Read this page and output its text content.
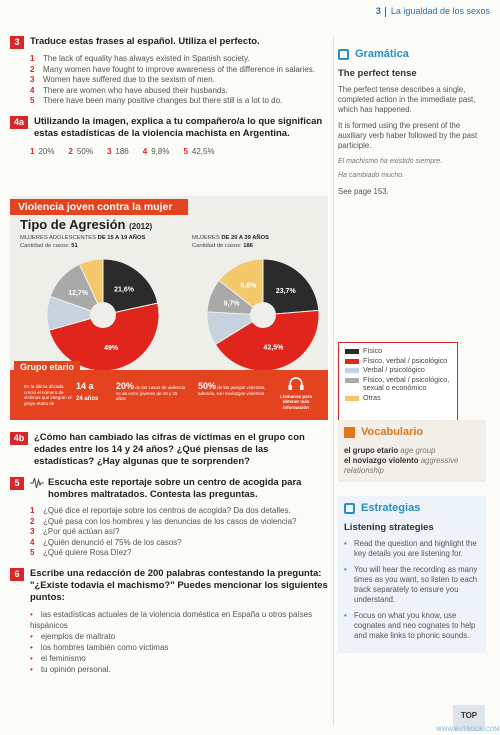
3 La igualdad de los sexos
3	Traduce estas frases al español. Utiliza el perfecto.
1	The lack of equality has always existed in Spanish society.
2	Many women have fought to improve awareness of the difference in salaries.
3	Women have suffered due to the sexism of men.
4	There are women who have abused their husbands.
5	There have been many positive changes but there still is a lot to do.
4a	Utilizando la imagen, explica a tu compañero/a lo que significan estas estadísticas de la violencia machista en Argentina.
1 20% 2 50% 3 186 4 9,8% 5 42,5%
Violencia joven contra la mujer
Tipo de Agresión (2012)
MUJERES ADOLESCENTES DE 15 A 19 AÑOS
Cantidad de casos: 51
MUJERES DE 20 A 39 AÑOS
Cantidad de casos: 186
21,6%
49%
12,7%	23,7%
42,5%
9,7%
9,8%
Grupo etario
En la última década creció el número de víctimas que integran el grupo etario de
14 a

24 años
20% de los casos de violencia se da entre jóvenes de 19 y 25 años
50% de las parejas violentas, además, son noviazgos violentos

Llamanos para obtener más información
Físico
Físico, verbal / psicológico
Verbal / psicológico
Físico, verbal / psicológico, sexual o económico
Otras
4b	¿Cómo han cambiado las cifras de víctimas en el grupo con edades entre los 14 y 24 años? ¿Qué piensas de las estadísticas? ¿Hay algunas que te sorprenden?
5	Escucha este reportaje sobre un centro de acogida para hombres maltratados. Contesta las preguntas.
1	¿Qué dice el reportaje sobre los centros de acogida? Da dos detalles.
2	¿Qué pasa con los hombres y las denuncias de los casos de violencia?
3	¿Por qué actúan así?
4	¿Quién denunció el 75% de los casos?
5	¿Qué quiere Rosa Díez?
6	Escribe una redacción de 200 palabras contestando la pregunta: "¿Existe todavía el machismo?" Puedes mencionar los siguientes puntos:
• las estadísticas actuales de la violencia doméstica en España u otros países hispánicos
• ejemplos de maltrato
• los hombres también como víctimas
• el feminismo
• tu opinión personal.
Gramática
The perfect tense

The perfect tense describes a single, completed action in the immediate past, which has happened.

It is formed using the present of the auxiliary verb haber followed by the past participle.

El machismo ha existido siempre.

Ha cambiado mucho.

See page 153.

Vocabulario
el grupo etario age group
el noviazgo violento aggressive relationship
Estrategias
Listening strategies
• Read the question and highlight the key details you are listening for.
• You will hear the recording as many times as you want, so listen to each track separately to ensure you understand.
• Focus on what you know, use cognates and neo cognates to help and make links to phonic sounds.
TOP
WWW.BUTBOOK.COM
